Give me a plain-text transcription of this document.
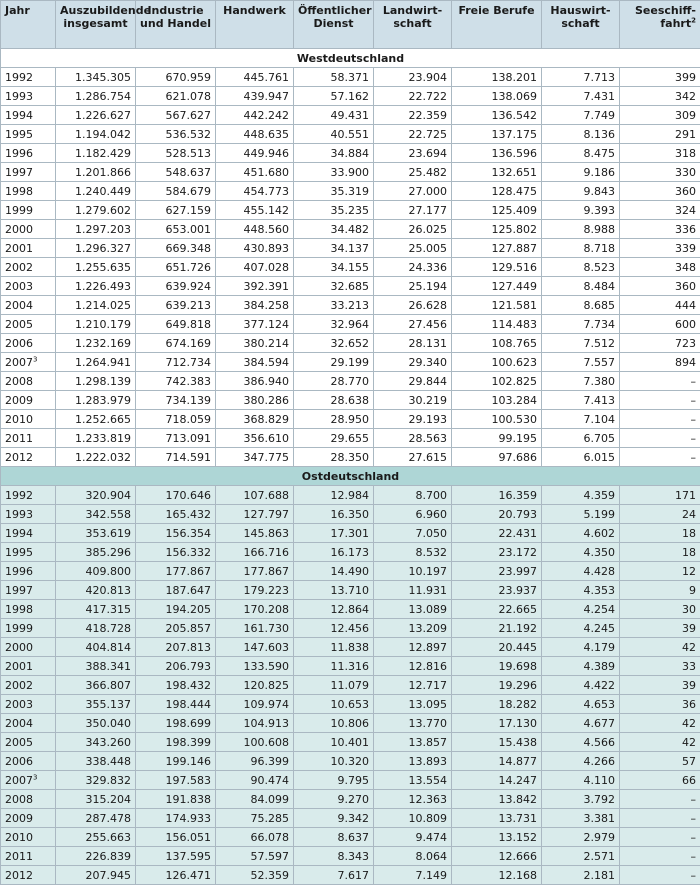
Jahr	Auszubildende insgesamt	Industrie und Handel	Handwerk	Öffentlicher Dienst	Landwirt-schaft	Freie Berufe	Hauswirt-schaft	Seeschiff-fahrt$^2$
Westdeutschland								
1992	1.345.305	670.959	445.761	58.371	23.904	138.201	7.713	399
1993	1.286.754	621.078	439.947	57.162	22.722	138.069	7.431	342
1994	1.226.627	567.627	442.242	49.431	22.359	136.542	7.749	309
1995	1.194.042	536.532	448.635	40.551	22.725	137.175	8.136	291
1996	1.182.429	528.513	449.946	34.884	23.694	136.596	8.475	318
1997	1.201.866	548.637	451.680	33.900	25.482	132.651	9.186	330
1998	1.240.449	584.679	454.773	35.319	27.000	128.475	9.843	360
1999	1.279.602	627.159	455.142	35.235	27.177	125.409	9.393	324
2000	1.297.203	653.001	448.560	34.482	26.025	125.802	8.988	336
2001	1.296.327	669.348	430.893	34.137	25.005	127.887	8.718	339
2002	1.255.635	651.726	407.028	34.155	24.336	129.516	8.523	348
2003	1.226.493	639.924	392.391	32.685	25.194	127.449	8.484	360
2004	1.214.025	639.213	384.258	33.213	26.628	121.581	8.685	444
2005	1.210.179	649.818	377.124	32.964	27.456	114.483	7.734	600
2006	1.232.169	674.169	380.214	32.652	28.131	108.765	7.512	723
2007$^3$	1.264.941	712.734	384.594	29.199	29.340	100.623	7.557	894
2008	1.298.139	742.383	386.940	28.770	29.844	102.825	7.380	–
2009	1.283.979	734.139	380.286	28.638	30.219	103.284	7.413	–
2010	1.252.665	718.059	368.829	28.950	29.193	100.530	7.104	–
2011	1.233.819	713.091	356.610	29.655	28.563	99.195	6.705	–
2012	1.222.032	714.591	347.775	28.350	27.615	97.686	6.015	–
Ostdeutschland								
1992	320.904	170.646	107.688	12.984	8.700	16.359	4.359	171
1993	342.558	165.432	127.797	16.350	6.960	20.793	5.199	24
1994	353.619	156.354	145.863	17.301	7.050	22.431	4.602	18
1995	385.296	156.332	166.716	16.173	8.532	23.172	4.350	18
1996	409.800	177.867	177.867	14.490	10.197	23.997	4.428	12
1997	420.813	187.647	179.223	13.710	11.931	23.937	4.353	9
1998	417.315	194.205	170.208	12.864	13.089	22.665	4.254	30
1999	418.728	205.857	161.730	12.456	13.209	21.192	4.245	39
2000	404.814	207.813	147.603	11.838	12.897	20.445	4.179	42
2001	388.341	206.793	133.590	11.316	12.816	19.698	4.389	33
2002	366.807	198.432	120.825	11.079	12.717	19.296	4.422	39
2003	355.137	198.444	109.974	10.653	13.095	18.282	4.653	36
2004	350.040	198.699	104.913	10.806	13.770	17.130	4.677	42
2005	343.260	198.399	100.608	10.401	13.857	15.438	4.566	42
2006	338.448	199.146	96.399	10.320	13.893	14.877	4.266	57
2007$^3$	329.832	197.583	90.474	9.795	13.554	14.247	4.110	66
2008	315.204	191.838	84.099	9.270	12.363	13.842	3.792	–
2009	287.478	174.933	75.285	9.342	10.809	13.731	3.381	–
2010	255.663	156.051	66.078	8.637	9.474	13.152	2.979	–
2011	226.839	137.595	57.597	8.343	8.064	12.666	2.571	–
2012	207.945	126.471	52.359	7.617	7.149	12.168	2.181	–
